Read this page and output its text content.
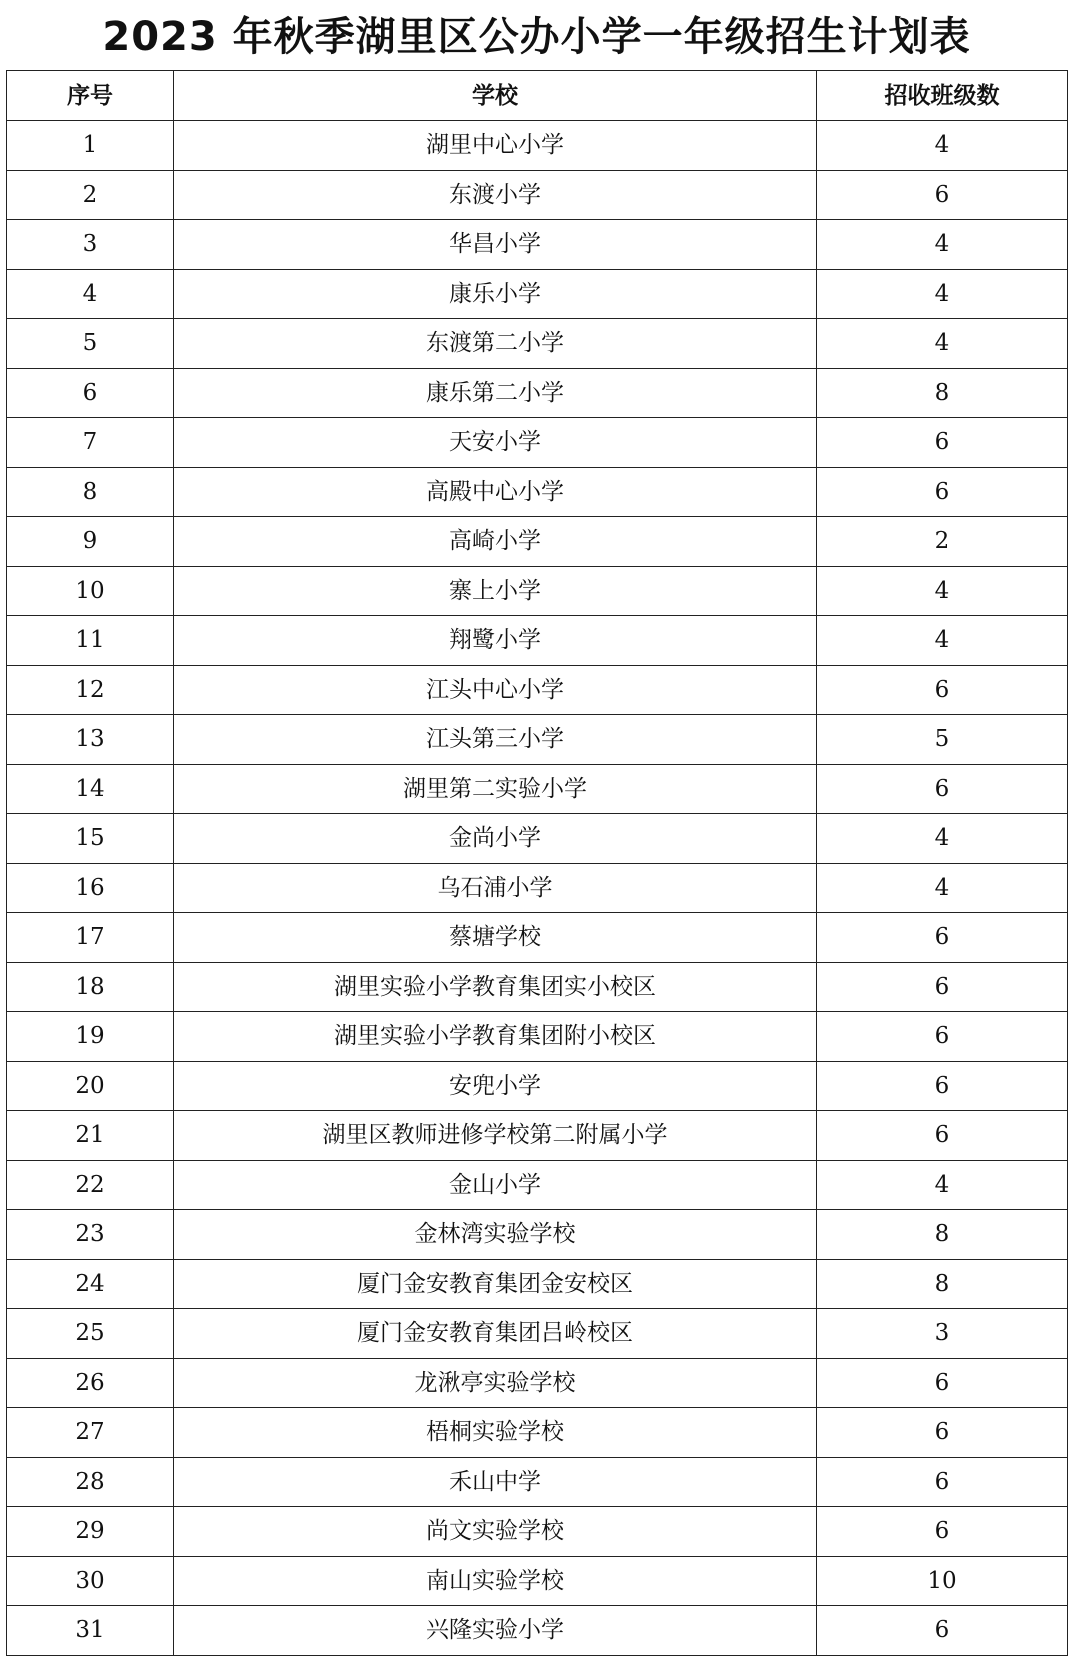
2023 年秋季湖里区公办小学一年级招生计划表
序号	学校	招收班级数
1	湖里中心小学	4
2	东渡小学	6
3	华昌小学	4
4	康乐小学	4
5	东渡第二小学	4
6	康乐第二小学	8
7	天安小学	6
8	高殿中心小学	6
9	高崎小学	2
10	寨上小学	4
11	翔鹭小学	4
12	江头中心小学	6
13	江头第三小学	5
14	湖里第二实验小学	6
15	金尚小学	4
16	乌石浦小学	4
17	蔡塘学校	6
18	湖里实验小学教育集团实小校区	6
19	湖里实验小学教育集团附小校区	6
20	安兜小学	6
21	湖里区教师进修学校第二附属小学	6
22	金山小学	4
23	金林湾实验学校	8
24	厦门金安教育集团金安校区	8
25	厦门金安教育集团吕岭校区	3
26	龙湫亭实验学校	6
27	梧桐实验学校	6
28	禾山中学	6
29	尚文实验学校	6
30	南山实验学校	10
31	兴隆实验小学	6
